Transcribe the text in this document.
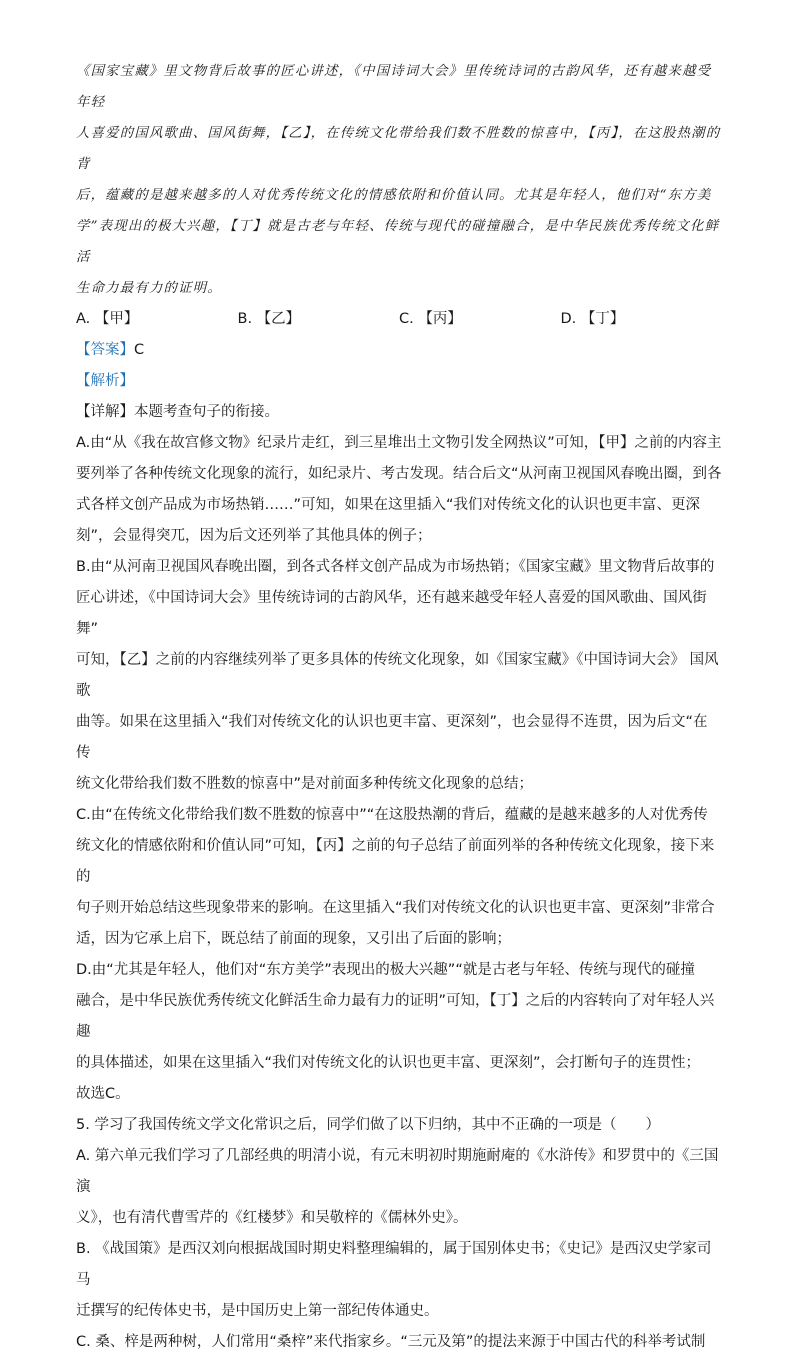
《国家宝藏》里文物背后故事的匠心讲述，《中国诗词大会》里传统诗词的古韵风华，还有越来越受年轻

人喜爱的国风歌曲、国风街舞，【乙】，在传统文化带给我们数不胜数的惊喜中，【丙】，在这股热潮的背

后，蕴藏的是越来越多的人对优秀传统文化的情感依附和价值认同。尤其是年轻人，他们对“东方美

学”表现出的极大兴趣，【丁】就是古老与年轻、传统与现代的碰撞融合，是中华民族优秀传统文化鲜活

生命力最有力的证明。

A. 【甲】	B. 【乙】	C. 【丙】	D. 【丁】

【答案】C

【解析】

【详解】本题考查句子的衔接。

A.由“从《我在故宫修文物》纪录片走红，到三星堆出土文物引发全网热议”可知，【甲】之前的内容主

要列举了各种传统文化现象的流行，如纪录片、考古发现。结合后文“从河南卫视国风春晚出圈，到各

式各样文创产品成为市场热销……”可知，如果在这里插入“我们对传统文化的认识也更丰富、更深

刻”，会显得突兀，因为后文还列举了其他具体的例子；

B.由“从河南卫视国风春晚出圈，到各式各样文创产品成为市场热销；《国家宝藏》里文物背后故事的

匠心讲述，《中国诗词大会》里传统诗词的古韵风华，还有越来越受年轻人喜爱的国风歌曲、国风街舞”

可知，【乙】之前的内容继续列举了更多具体的传统文化现象，如《国家宝藏》《中国诗词大会》 国风歌

曲等。如果在这里插入“我们对传统文化的认识也更丰富、更深刻”，也会显得不连贯，因为后文“在传

统文化带给我们数不胜数的惊喜中”是对前面多种传统文化现象的总结；

C.由“在传统文化带给我们数不胜数的惊喜中”“在这股热潮的背后，蕴藏的是越来越多的人对优秀传

统文化的情感依附和价值认同”可知，【丙】之前的句子总结了前面列举的各种传统文化现象，接下来的

句子则开始总结这些现象带来的影响。在这里插入“我们对传统文化的认识也更丰富、更深刻”非常合

适，因为它承上启下，既总结了前面的现象，又引出了后面的影响；

D.由“尤其是年轻人，他们对“东方美学”表现出的极大兴趣”“就是古老与年轻、传统与现代的碰撞

融合，是中华民族优秀传统文化鲜活生命力最有力的证明”可知，【丁】之后的内容转向了对年轻人兴趣

的具体描述，如果在这里插入“我们对传统文化的认识也更丰富、更深刻”，会打断句子的连贯性；

故选C。

5. 学习了我国传统文学文化常识之后，同学们做了以下归纳，其中不正确的一项是（　　）

A. 第六单元我们学习了几部经典的明清小说，有元末明初时期施耐庵的《水浒传》和罗贯中的《三国演

义》，也有清代曹雪芹的《红楼梦》和吴敬梓的《儒林外史》。

B. 《战国策》是西汉刘向根据战国时期史料整理编辑的，属于国别体史书；《史记》是西汉史学家司马

迁撰写的纪传体史书，是中国历史上第一部纪传体通史。

C. 桑、梓是两种树，人们常用“桑梓”来代指家乡。“三元及第”的提法来源于中国古代的科举考试制
